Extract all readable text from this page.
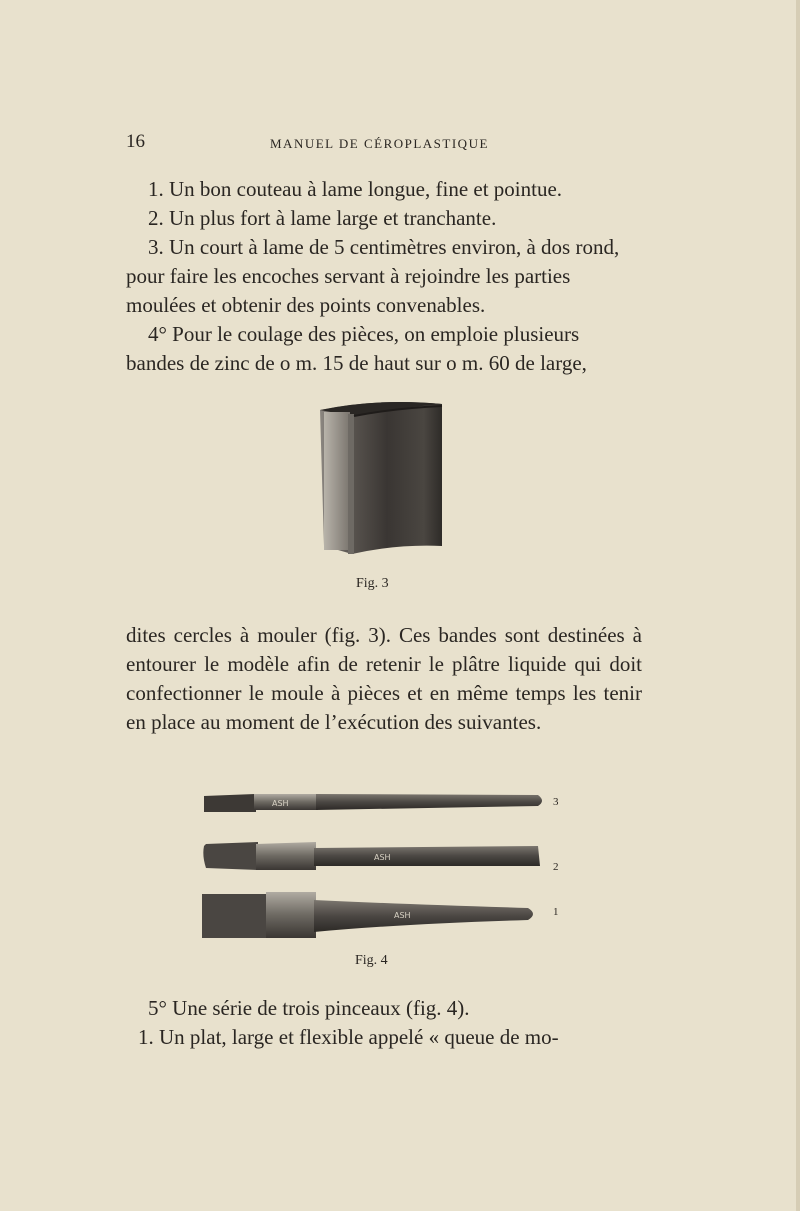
16	MANUEL DE CÉROPLASTIQUE
1. Un bon couteau à lame longue, fine et pointue.
2. Un plus fort à lame large et tranchante.

3. Un court à lame de 5 centimètres environ, à dos rond, pour faire les encoches servant à rejoindre les parties moulées et obtenir des points convenables.

4° Pour le coulage des pièces, on emploie plusieurs bandes de zinc de o m. 15 de haut sur o m. 60 de large,

Fig. 3

dites cercles à mouler (fig. 3). Ces bandes sont destinées à entourer le modèle afin de retenir le plâtre liquide qui doit confectionner le moule à pièces et en même temps les tenir en place au moment de l’exécution des suivantes.

ASH
ASH
ASH
3
2
1
Fig. 4
5° Une série de trois pinceaux (fig. 4).
1. Un plat, large et flexible appelé « queue de mo-
